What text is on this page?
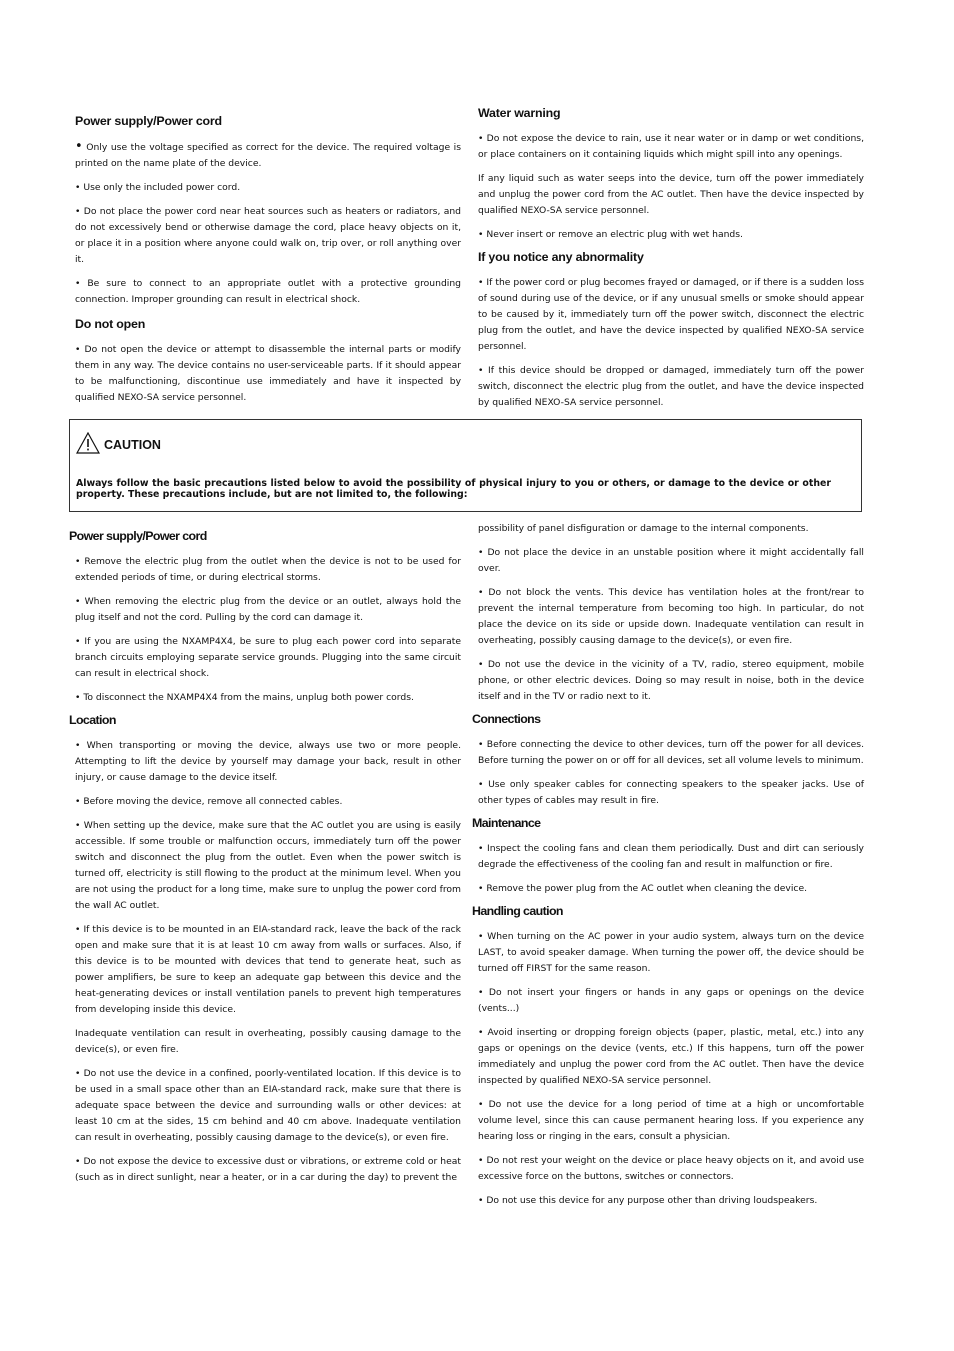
Power supply/Power cord

• Only use the voltage specified as correct for the device. The required voltage is printed on the name plate of the device.

• Use only the included power cord.

• Do not place the power cord near heat sources such as heaters or radiators, and do not excessively bend or otherwise damage the cord, place heavy objects on it, or place it in a position where anyone could walk on, trip over, or roll anything over it.

• Be sure to connect to an appropriate outlet with a protective grounding connection. Improper grounding can result in electrical shock.

Do not open

• Do not open the device or attempt to disassemble the internal parts or modify them in any way. The device contains no user-serviceable parts. If it should appear to be malfunctioning, discontinue use immediately and have it inspected by qualified NEXO-SA service personnel.

Water warning

• Do not expose the device to rain, use it near water or in damp or wet conditions, or place containers on it containing liquids which might spill into any openings.

If any liquid such as water seeps into the device, turn off the power immediately and unplug the power cord from the AC outlet. Then have the device inspected by qualified NEXO-SA service personnel.

• Never insert or remove an electric plug with wet hands.

If you notice any abnormality

• If the power cord or plug becomes frayed or damaged, or if there is a sudden loss of sound during use of the device, or if any unusual smells or smoke should appear to be caused by it, immediately turn off the power switch, disconnect the electric plug from the outlet, and have the device inspected by qualified NEXO-SA service personnel.

• If this device should be dropped or damaged, immediately turn off the power switch, disconnect the electric plug from the outlet, and have the device inspected by qualified NEXO-SA service personnel.

CAUTION
Always follow the basic precautions listed below to avoid the possibility of physical injury to you or others, or damage to the device or other property. These precautions include, but are not limited to, the following:
Power supply/Power cord

• Remove the electric plug from the outlet when the device is not to be used for extended periods of time, or during electrical storms.

• When removing the electric plug from the device or an outlet, always hold the plug itself and not the cord. Pulling by the cord can damage it.

• If you are using the NXAMP4X4, be sure to plug each power cord into separate branch circuits employing separate service grounds. Plugging into the same circuit can result in electrical shock.

• To disconnect the NXAMP4X4 from the mains, unplug both power cords.

Location

• When transporting or moving the device, always use two or more people. Attempting to lift the device by yourself may damage your back, result in other injury, or cause damage to the device itself.

• Before moving the device, remove all connected cables.

• When setting up the device, make sure that the AC outlet you are using is easily accessible. If some trouble or malfunction occurs, immediately turn off the power switch and disconnect the plug from the outlet. Even when the power switch is turned off, electricity is still flowing to the product at the minimum level. When you are not using the product for a long time, make sure to unplug the power cord from the wall AC outlet.

• If this device is to be mounted in an EIA-standard rack, leave the back of the rack open and make sure that it is at least 10 cm away from walls or surfaces. Also, if this device is to be mounted with devices that tend to generate heat, such as power amplifiers, be sure to keep an adequate gap between this device and the heat-generating devices or install ventilation panels to prevent high temperatures from developing inside this device.

Inadequate ventilation can result in overheating, possibly causing damage to the device(s), or even fire.

• Do not use the device in a confined, poorly-ventilated location. If this device is to be used in a small space other than an EIA-standard rack, make sure that there is adequate space between the device and surrounding walls or other devices: at least 10 cm at the sides, 15 cm behind and 40 cm above. Inadequate ventilation can result in overheating, possibly causing damage to the device(s), or even fire.

• Do not expose the device to excessive dust or vibrations, or extreme cold or heat (such as in direct sunlight, near a heater, or in a car during the day) to prevent the

possibility of panel disfiguration or damage to the internal components.

• Do not place the device in an unstable position where it might accidentally fall over.

• Do not block the vents. This device has ventilation holes at the front/rear to prevent the internal temperature from becoming too high. In particular, do not place the device on its side or upside down. Inadequate ventilation can result in overheating, possibly causing damage to the device(s), or even fire.

• Do not use the device in the vicinity of a TV, radio, stereo equipment, mobile phone, or other electric devices. Doing so may result in noise, both in the device itself and in the TV or radio next to it.

Connections

• Before connecting the device to other devices, turn off the power for all devices. Before turning the power on or off for all devices, set all volume levels to minimum.

• Use only speaker cables for connecting speakers to the speaker jacks. Use of other types of cables may result in fire.

Maintenance

• Inspect the cooling fans and clean them periodically. Dust and dirt can seriously degrade the effectiveness of the cooling fan and result in malfunction or fire.

• Remove the power plug from the AC outlet when cleaning the device.

Handling caution

• When turning on the AC power in your audio system, always turn on the device LAST, to avoid speaker damage. When turning the power off, the device should be turned off FIRST for the same reason.

• Do not insert your fingers or hands in any gaps or openings on the device (vents...)

• Avoid inserting or dropping foreign objects (paper, plastic, metal, etc.) into any gaps or openings on the device (vents, etc.) If this happens, turn off the power immediately and unplug the power cord from the AC outlet. Then have the device inspected by qualified NEXO-SA service personnel.

• Do not use the device for a long period of time at a high or uncomfortable volume level, since this can cause permanent hearing loss. If you experience any hearing loss or ringing in the ears, consult a physician.

• Do not rest your weight on the device or place heavy objects on it, and avoid use excessive force on the buttons, switches or connectors.

• Do not use this device for any purpose other than driving loudspeakers.
